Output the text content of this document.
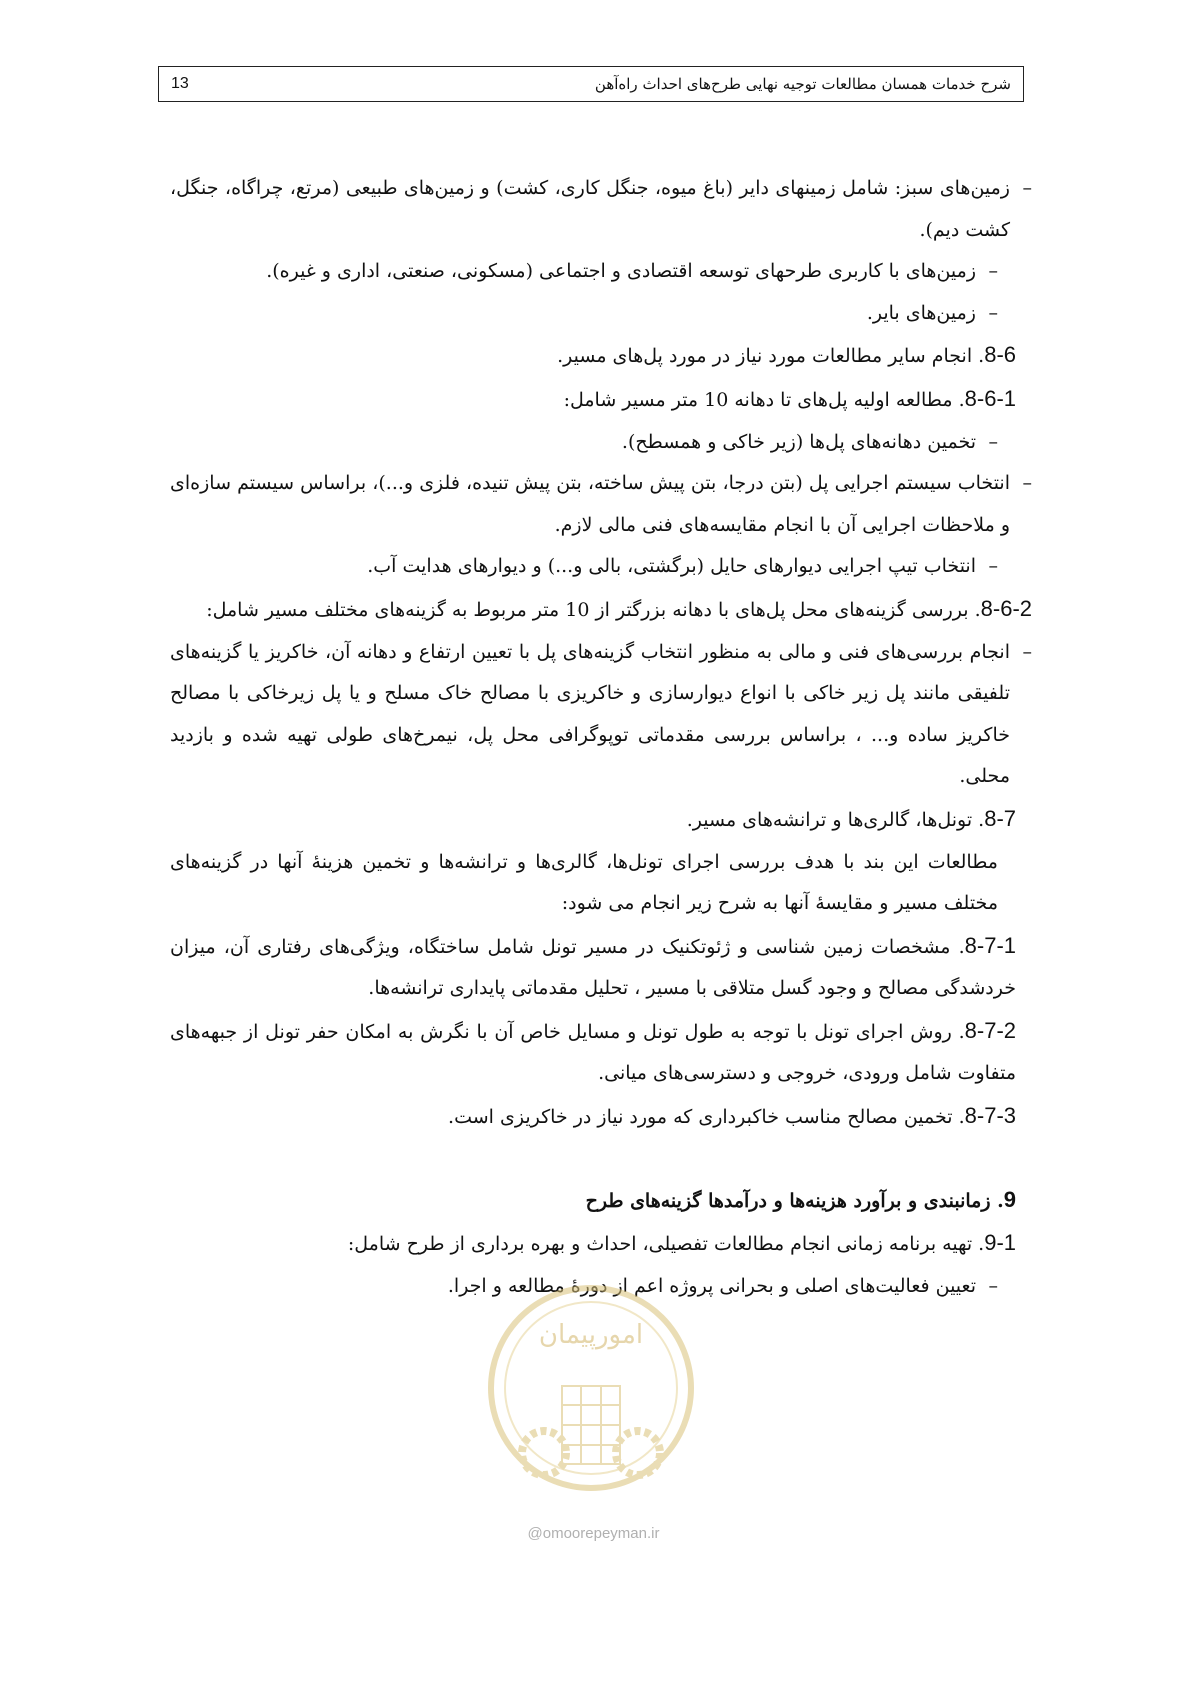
13	شرح خدمات همسان مطالعات توجیه نهایی طرح‌های احداث راه‌آهن

– زمین‌های سبز: شامل زمینهای دایر (باغ میوه، جنگل کاری، کشت) و زمین‌های طبیعی (مرتع، چراگاه، جنگل، کشت دیم).

– زمین‌های با کاربری طرحهای توسعه اقتصادی و اجتماعی (مسکونی، صنعتی، اداری و غیره).

– زمین‌های بایر.

8-6. انجام سایر مطالعات مورد نیاز در مورد پل‌های مسیر.

8-6-1. مطالعه اولیه پل‌های تا دهانه 10 متر مسیر شامل:

– تخمین دهانه‌های پل‌ها (زیر خاکی و همسطح).

– انتخاب سیستم اجرایی پل (بتن درجا، بتن پیش ساخته، بتن پیش تنیده، فلزی و...)، براساس سیستم سازه‌ای و ملاحظات اجرایی آن با انجام مقایسه‌های فنی مالی لازم.

– انتخاب تیپ اجرایی دیوارهای حایل (برگشتی، بالی و...) و دیوارهای هدایت آب.

8-6-2. بررسی گزینه‌های محل پل‌های با دهانه بزرگتر از 10 متر مربوط به گزینه‌های مختلف مسیر شامل:

– انجام بررسی‌های فنی و مالی به منظور انتخاب گزینه‌های پل با تعیین ارتفاع و دهانه آن، خاکریز یا گزینه‌های تلفیقی مانند پل زیر خاکی با انواع دیوارسازی و خاکریزی با مصالح خاک مسلح و یا پل زیرخاکی با مصالح خاکریز ساده و... ، براساس بررسی مقدماتی توپوگرافی محل پل، نیمرخ‌های طولی تهیه شده و بازدید محلی.

8-7. تونل‌ها، گالری‌ها و ترانشه‌های مسیر.

مطالعات این بند با هدف بررسی اجرای تونل‌ها، گالری‌ها و ترانشه‌ها و تخمین هزینهٔ آنها در گزینه‌های مختلف مسیر و مقایسهٔ آنها به شرح زیر انجام می شود:

8-7-1. مشخصات زمین شناسی و ژئوتکنیک در مسیر تونل شامل ساختگاه، ویژگی‌های رفتاری آن، میزان خردشدگی مصالح و وجود گسل متلاقی با مسیر ، تحلیل مقدماتی پایداری ترانشه‌ها.

8-7-2. روش اجرای تونل با توجه به طول تونل و مسایل خاص آن با نگرش به امکان حفر تونل از جبهه‌های متفاوت شامل ورودی، خروجی و دسترسی‌های میانی.

8-7-3. تخمین مصالح مناسب خاکبرداری که مورد نیاز در خاکریزی است.

9. زمانبندی و برآورد هزینه‌ها و درآمدها گزینه‌های طرح

9-1. تهیه برنامه زمانی انجام مطالعات تفصیلی، احداث و بهره برداری از طرح شامل:

– تعیین فعالیت‌های اصلی و بحرانی پروژه اعم از دورهٔ مطالعه و اجرا.

امورپیمان
@omoorepeyman.ir
